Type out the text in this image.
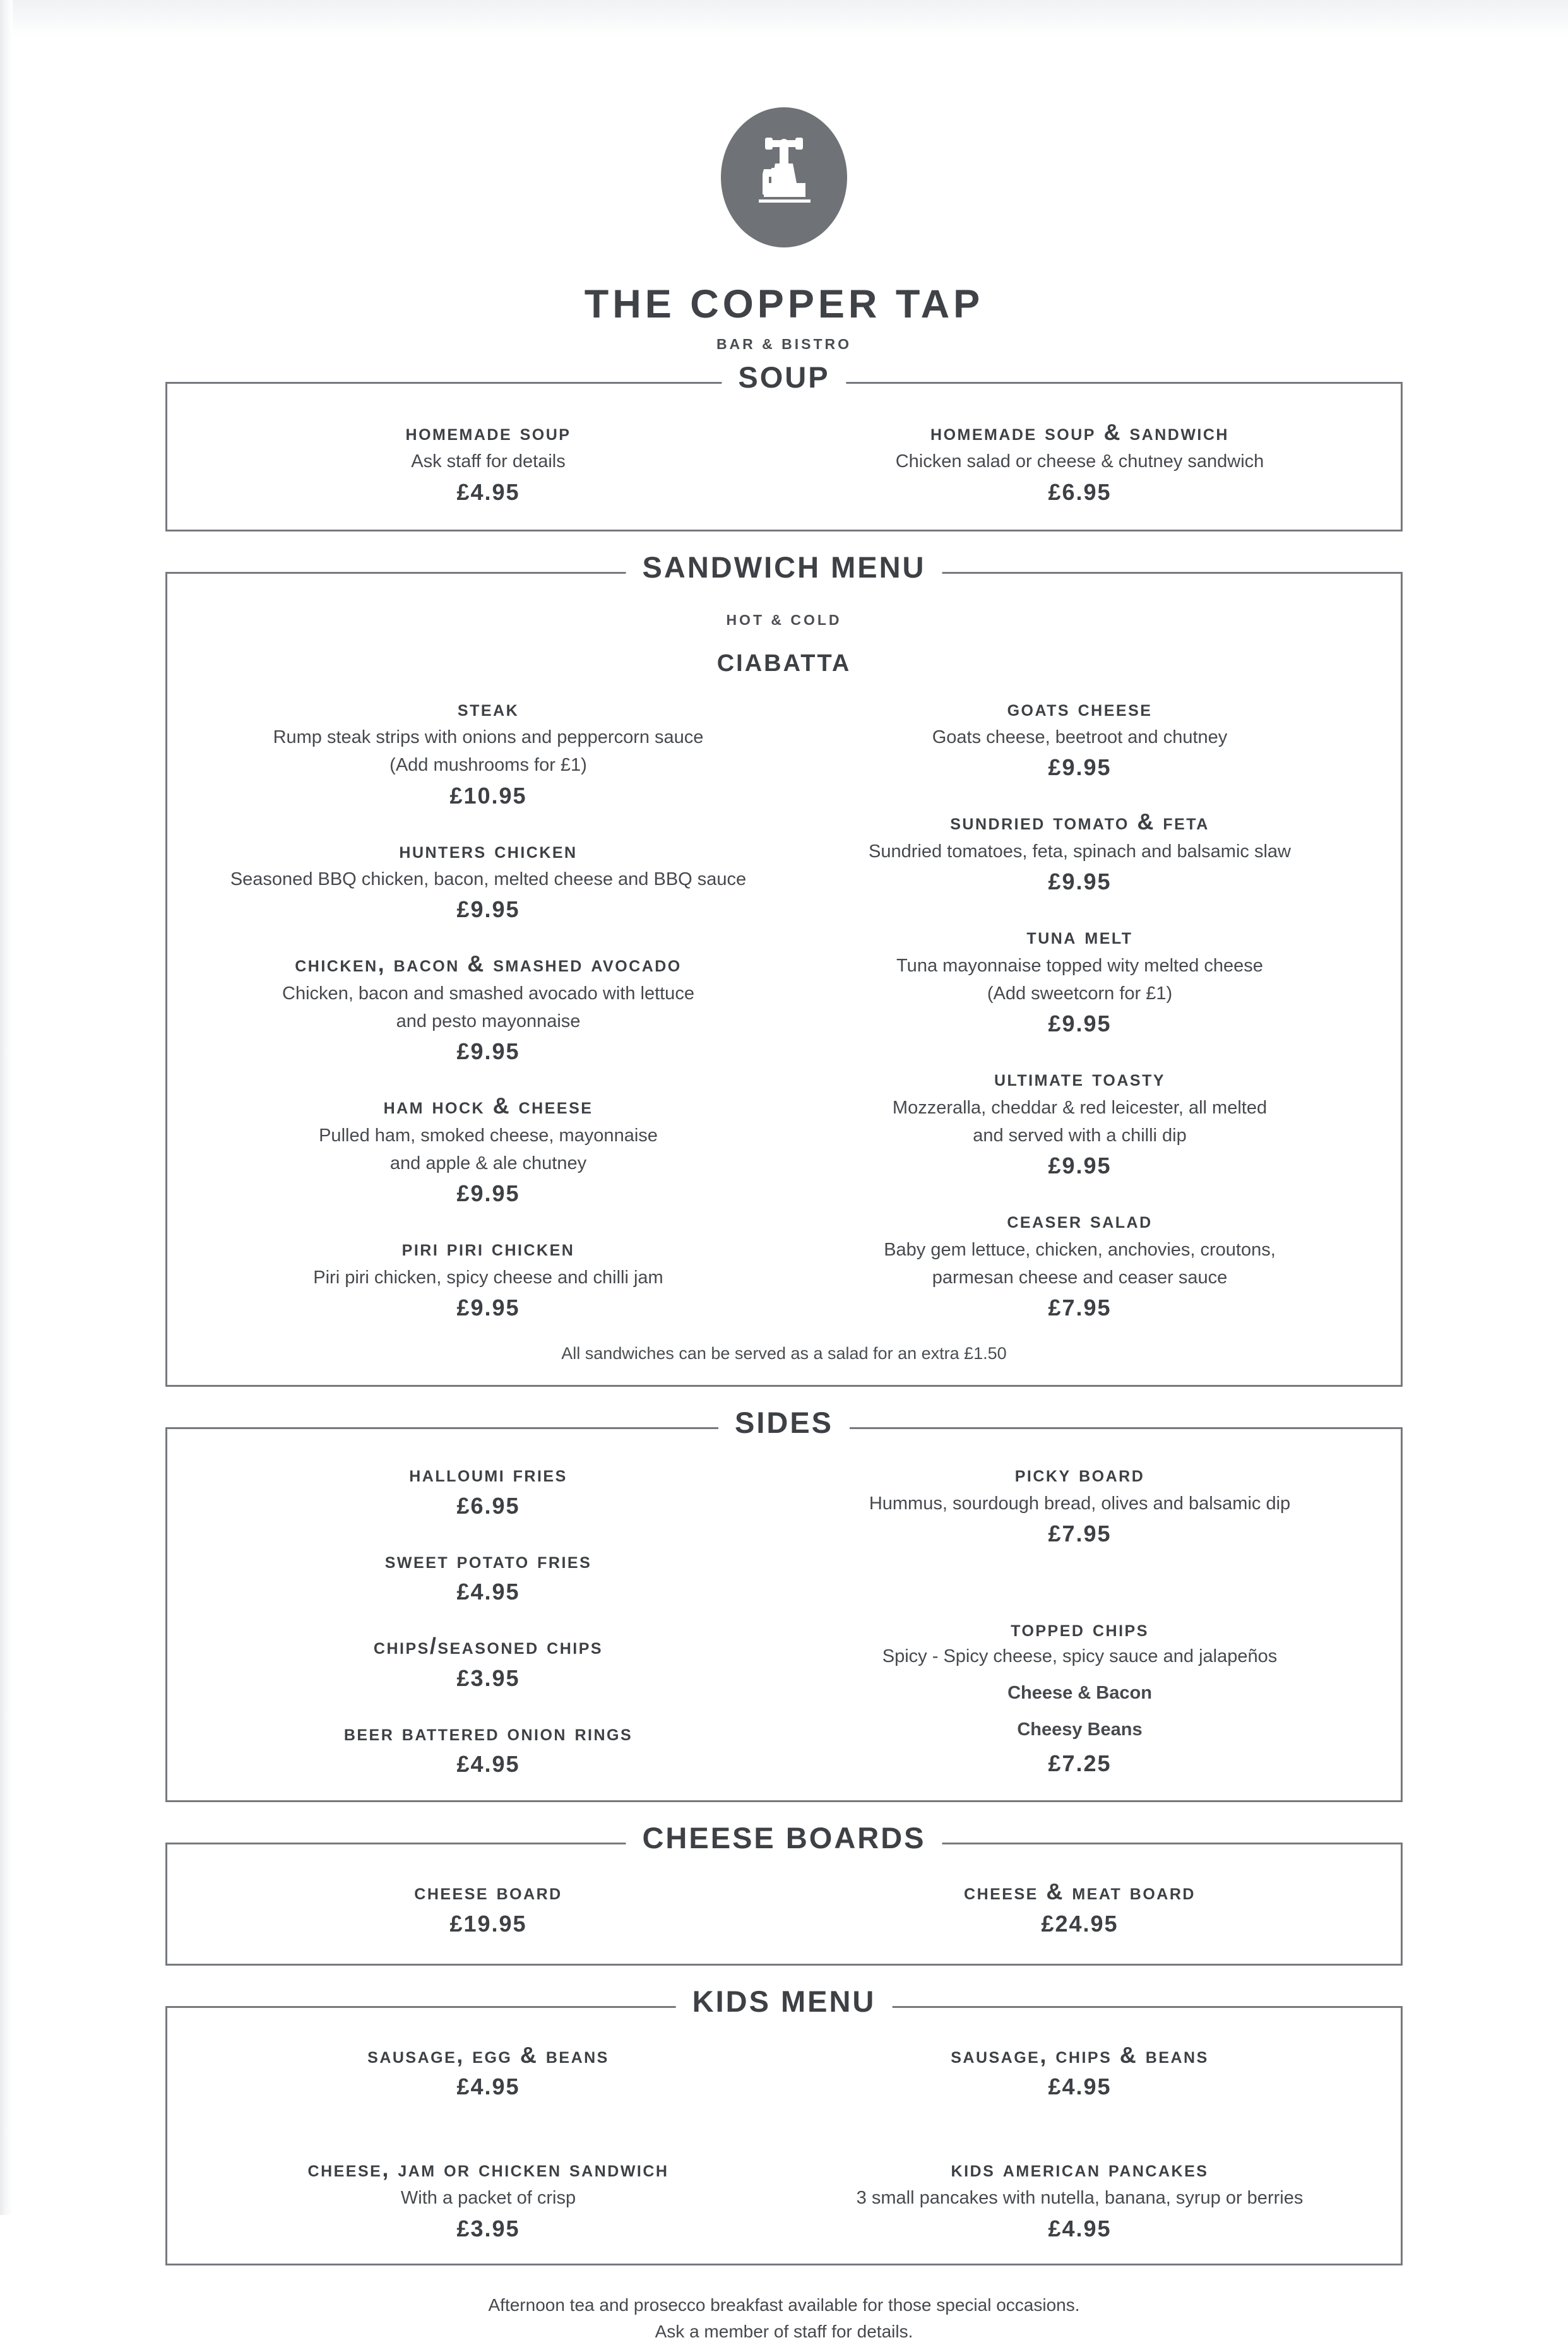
THE COPPER TAP
BAR & BISTRO
SOUP
homemade soup
Ask staff for details
£4.95
homemade soup & sandwich
Chicken salad or cheese & chutney sandwich
£6.95
SANDWICH MENU
HOT & COLD
CIABATTA
steak
Rump steak strips with onions and peppercorn sauce
(Add mushrooms for £1)
£10.95
hunters chicken
Seasoned BBQ chicken, bacon, melted cheese and BBQ sauce
£9.95
chicken, bacon & smashed avocado
Chicken, bacon and smashed avocado with lettuce
and pesto mayonnaise
£9.95
ham hock & cheese
Pulled ham, smoked cheese, mayonnaise
and apple & ale chutney
£9.95
piri piri chicken
Piri piri chicken, spicy cheese and chilli jam
£9.95
goats cheese
Goats cheese, beetroot and chutney
£9.95
sundried tomato & feta
Sundried tomatoes, feta, spinach and balsamic slaw
£9.95
tuna melt
Tuna mayonnaise topped wity melted cheese
(Add sweetcorn for £1)
£9.95
ultimate toasty
Mozzeralla, cheddar & red leicester, all melted
and served with a chilli dip
£9.95
ceaser salad
Baby gem lettuce, chicken, anchovies, croutons,
parmesan cheese and ceaser sauce
£7.95
All sandwiches can be served as a salad for an extra £1.50
SIDES
halloumi fries
£6.95
sweet potato fries
£4.95
chips/seasoned chips
£3.95
beer battered onion rings
£4.95
picky board
Hummus, sourdough bread, olives and balsamic dip
£7.95
topped chips
Spicy - Spicy cheese, spicy sauce and jalapeños
Cheese & Bacon
Cheesy Beans
£7.25
CHEESE BOARDS
cheese board
£19.95
cheese & meat board
£24.95
KIDS MENU
sausage, egg & beans
£4.95
cheese, jam or chicken sandwich
With a packet of crisp
£3.95
sausage, chips & beans
£4.95
kids american pancakes
3 small pancakes with nutella, banana, syrup or berries
£4.95
Afternoon tea and prosecco breakfast available for those special occasions.
Ask a member of staff for details.
